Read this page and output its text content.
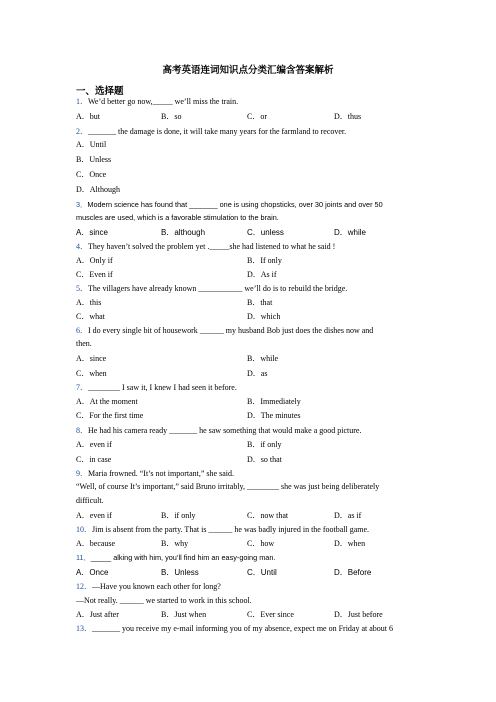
高考英语连词知识点分类汇编含答案解析
一、选择题
1．We’d better go now,_____ we’ll miss the train.
A．but	B．so	C．or	D．thus
2．_______ the damage is done, it will take many years for the farmland to recover.
A．Until
B．Unless
C．Once
D．Although
3．Modern science has found that _______ one is using chopsticks, over 30 joints and over 50
muscles are used, which is a favorable stimulation to the brain.
A．since	B．although	C．unless	D．while
4．They haven’t solved the problem yet ._____she had listened to what he said !
A．Only if	B．If only
C．Even if	D．As if
5．The villagers have already known ___________ we’ll do is to rebuild the bridge.
A．this	B．that
C．what	D．which
6．I do every single bit of housework ______ my husband Bob just does the dishes now and
then.
A．since	B．while
C．when	D．as
7．________ I saw it, I knew I had seen it before.
A．At the moment	B．Immediately
C．For the first time	D．The minutes
8．He had his camera ready _______ he saw something that would make a good picture.
A．even if	B．if only
C．in case	D．so that
9．Maria frowned. “It’s not important,” she said.
“Well, of course It’s important,” said Bruno irritably, ________ she was just being deliberately
difficult.
A．even if	B．if only	C．now that	D．as if
10．Jim is absent from the party. That is ______ he was badly injured in the football game.
A．because	B．why	C．how	D．when
11．_____ alking with him, you’ll find him an easy-going man.
A．Once	B．Unless	C．Until	D．Before
12．—Have you known each other for long?
—Not really. ______ we started to work in this school.
A．Just after	B．Just when	C．Ever since	D．Just before
13．_______ you receive my e-mail informing you of my absence, expect me on Friday at about 6
